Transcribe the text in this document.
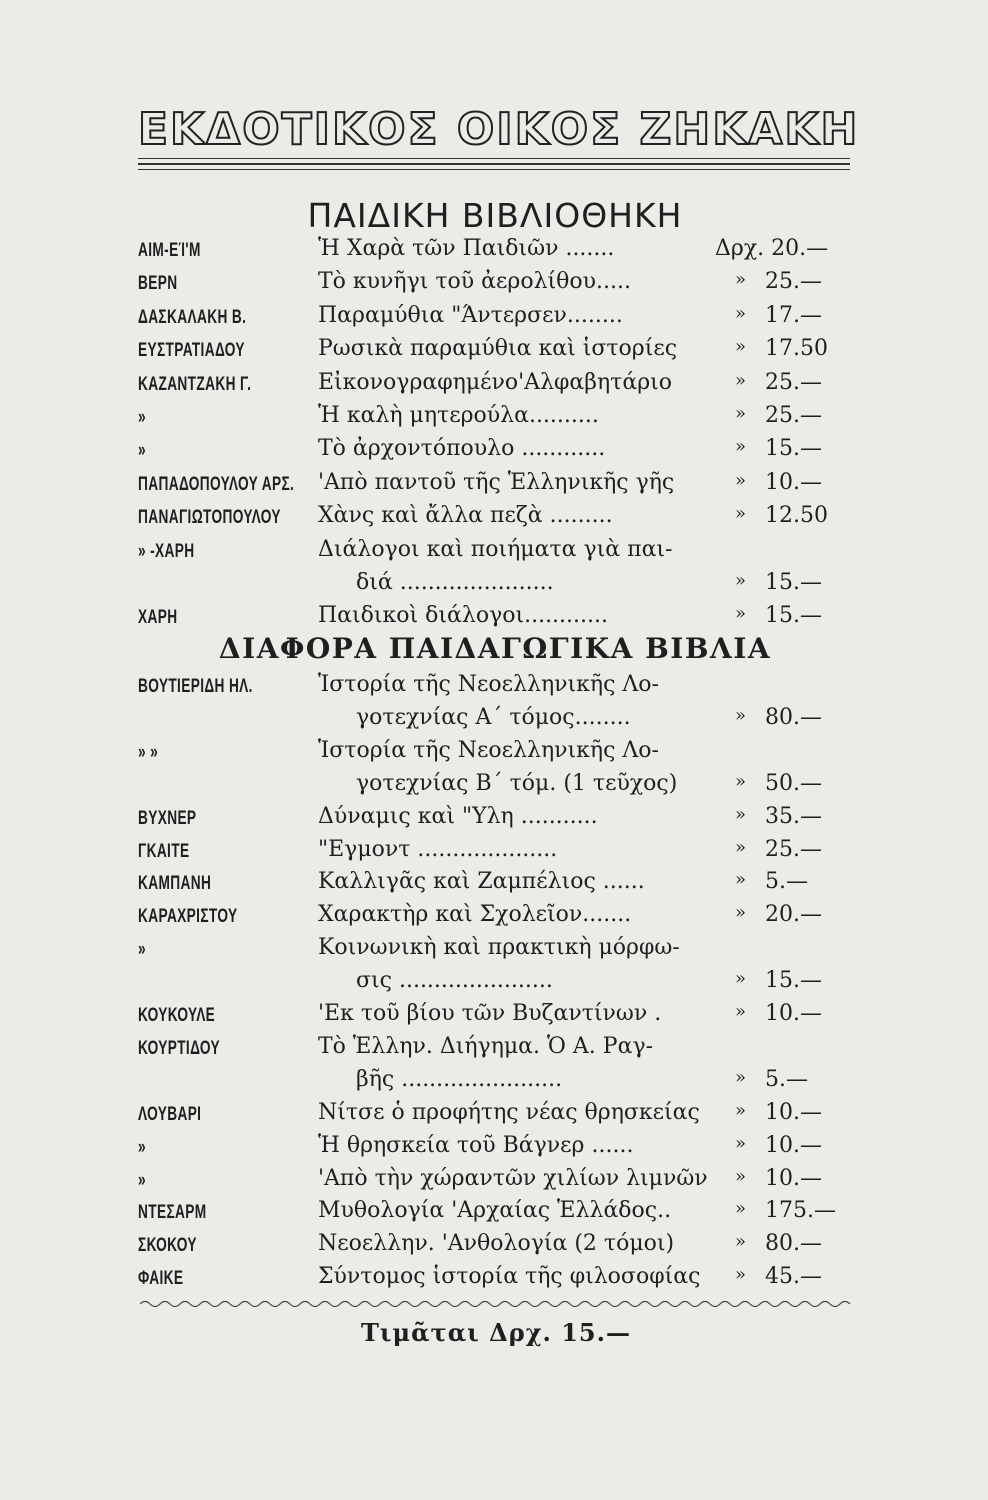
ΕΚΔΟΤΙΚΟΣ ΟΙΚΟΣ ΖΗΚΑΚΗ
ΠΑΙΔΙΚΗ ΒΙΒΛΙΟΘΗΚΗ
ΑΙΜ-ΕΊ'Μ	Ἡ Χαρὰ τῶν Παιδιῶν .......	Δρχ. 20.—
ΒΕΡΝ	Τὸ κυνῆγι τοῦ ἀερολίθου.....	» 25.—
ΔΑΣΚΑΛΑΚΗ Β.	Παραμύθια "Άντερσεν........	» 17.—
ΕΥΣΤΡΑΤΙΑΔΟΥ	Ρωσικὰ παραμύθια καὶ ἱστορίες	» 17.50
ΚΑΖΑΝΤΖΑΚΗ Γ.	Εἰκονογραφημένο'Αλφαβητάριο	» 25.—
»	Ἡ καλὴ μητερούλα..........	» 25.—
»	Τὸ ἀρχοντόπουλο ............	» 15.—
ΠΑΠΑΔΟΠΟΥΛΟΥ ΑΡΣ. 'Απὸ παντοῦ τῆς Ἑλληνικῆς γῆς	» 10.—
ΠΑΝΑΓΙΩΤΟΠΟΥΛΟΥ Χὰνς καὶ ἄλλα πεζὰ .........	» 12.50
» -ΧΑΡΗ	Διάλογοι καὶ ποιήματα γιὰ παι-
διά ......................	» 15.—
ΧΑΡΗ	Παιδικοὶ διάλογοι............	» 15.—
ΔΙΑΦΟΡΑ ΠΑΙΔΑΓΩΓΙΚΑ ΒΙΒΛΙΑ
ΒΟΥΤΙΕΡΙΔΗ ΗΛ.	Ἱστορία τῆς Νεοελληνικῆς Λο-
γοτεχνίας Α΄ τόμος........	» 80.—
» »	Ἱστορία τῆς Νεοελληνικῆς Λο-
γοτεχνίας Β΄ τόμ. (1 τεῦχος)	» 50.—
ΒΥΧΝΕΡ	Δύναμις καὶ "Υλη ...........	» 35.—
ΓΚΑΙΤΕ	"Εγμοντ ....................	» 25.—
ΚΑΜΠΑΝΗ	Καλλιγᾶς καὶ Ζαμπέλιος ......	» 5.—
ΚΑΡΑΧΡΙΣΤΟΥ	Χαρακτὴρ καὶ Σχολεῖον.......	» 20.—
»	Κοινωνικὴ καὶ πρακτικὴ μόρφω-
σις ......................	» 15.—
ΚΟΥΚΟΥΛΕ	'Εκ τοῦ βίου τῶν Βυζαντίνων .	» 10.—
ΚΟΥΡΤΙΔΟΥ	Τὸ Ἑλλην. Διήγημα. Ὁ Α. Ραγ-
βῆς .......................	» 5.—
ΛΟΥΒΑΡΙ	Νίτσε ὁ προφήτης νέας θρησκείας » 10.—
»	Ἡ θρησκεία τοῦ Βάγνερ ......	» 10.—
»	'Απὸ τὴν χώραντῶν χιλίων λιμνῶν » 10.—
ΝΤΕΣΑΡΜ	Μυθολογία 'Αρχαίας Ἑλλάδος..	» 175.—
ΣΚΟΚΟΥ	Νεοελλην. 'Ανθολογία (2 τόμοι)	» 80.—
ΦΑΙΚΕ	Σύντομος ἱστορία τῆς φιλοσοφίας » 45.—
Τιμᾶται Δρχ. 15.—
